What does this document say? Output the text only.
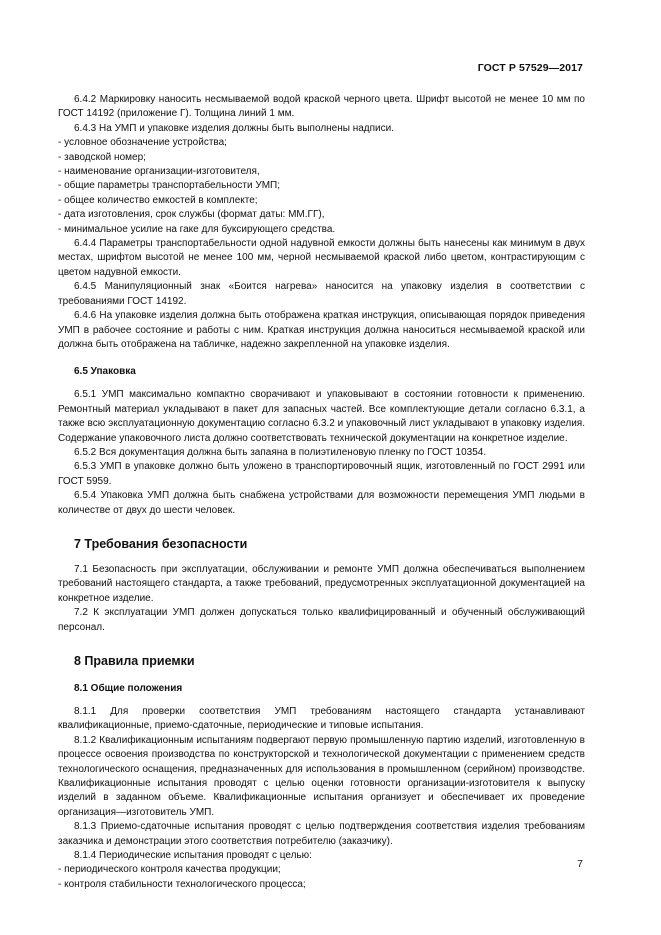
ГОСТ Р 57529—2017
6.4.2 Маркировку наносить несмываемой водой краской черного цвета. Шрифт высотой не менее 10 мм по ГОСТ 14192 (приложение Г). Толщина линий 1 мм.
6.4.3 На УМП и упаковке изделия должны быть выполнены надписи.
- условное обозначение устройства;
- заводской номер;
- наименование организации-изготовителя,
- общие параметры транспортабельности УМП;
- общее количество емкостей в комплекте;
- дата изготовления, срок службы (формат даты: ММ.ГГ),
- минимальное усилие на гаке для буксирующего средства.
6.4.4 Параметры транспортабельности одной надувной емкости должны быть нанесены как минимум в двух местах, шрифтом высотой не менее 100 мм, черной несмываемой краской либо цветом, контрастирующим с цветом надувной емкости.
6.4.5 Манипуляционный знак «Боится нагрева» наносится на упаковку изделия в соответствии с требованиями ГОСТ 14192.
6.4.6 На упаковке изделия должна быть отображена краткая инструкция, описывающая порядок приведения УМП в рабочее состояние и работы с ним. Краткая инструкция должна наноситься несмываемой краской или должна быть отображена на табличке, надежно закрепленной на упаковке изделия.
6.5 Упаковка
6.5.1 УМП максимально компактно сворачивают и упаковывают в состоянии готовности к применению. Ремонтный материал укладывают в пакет для запасных частей. Все комплектующие детали согласно 6.3.1, а также всю эксплуатационную документацию согласно 6.3.2 и упаковочный лист укладывают в упаковку изделия. Содержание упаковочного листа должно соответствовать технической документации на конкретное изделие.
6.5.2 Вся документация должна быть запаяна в полиэтиленовую пленку по ГОСТ 10354.
6.5.3 УМП в упаковке должно быть уложено в транспортировочный ящик, изготовленный по ГОСТ 2991 или ГОСТ 5959.
6.5.4 Упаковка УМП должна быть снабжена устройствами для возможности перемещения УМП людьми в количестве от двух до шести человек.
7 Требования безопасности
7.1 Безопасность при эксплуатации, обслуживании и ремонте УМП должна обеспечиваться выполнением требований настоящего стандарта, а также требований, предусмотренных эксплуатационной документацией на конкретное изделие.
7.2 К эксплуатации УМП должен допускаться только квалифицированный и обученный обслуживающий персонал.
8 Правила приемки
8.1 Общие положения
8.1.1 Для проверки соответствия УМП требованиям настоящего стандарта устанавливают квалификационные, приемо-сдаточные, периодические и типовые испытания.
8.1.2 Квалификационным испытаниям подвергают первую промышленную партию изделий, изготовленную в процессе освоения производства по конструкторской и технологической документации с применением средств технологического оснащения, предназначенных для использования в промышленном (серийном) производстве. Квалификационные испытания проводят с целью оценки готовности организации-изготовителя к выпуску изделий в заданном объеме. Квалификационные испытания организует и обеспечивает их проведение организация—изготовитель УМП.
8.1.3 Приемо-сдаточные испытания проводят с целью подтверждения соответствия изделия требованиям заказчика и демонстрации этого соответствия потребителю (заказчику).
8.1.4 Периодические испытания проводят с целью:
- периодического контроля качества продукции;
- контроля стабильности технологического процесса;
7
